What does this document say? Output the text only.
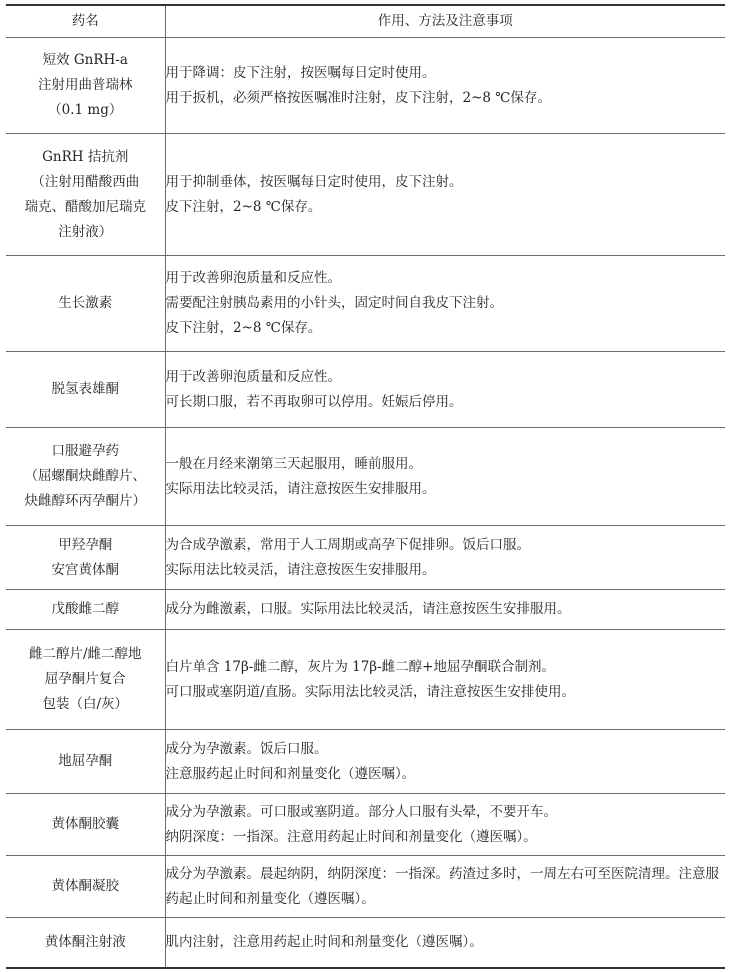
药名	作用、方法及注意事项

短效 GnRH-a
注射用曲普瑞林
（0.1 mg）	用于降调：皮下注射，按医嘱每日定时使用。
用于扳机，必须严格按医嘱准时注射，皮下注射，2~8 ℃保存。

GnRH 拮抗剂
（注射用醋酸西曲
瑞克、醋酸加尼瑞克
注射液）	用于抑制垂体，按医嘱每日定时使用，皮下注射。
皮下注射，2~8 ℃保存。

生长激素	用于改善卵泡质量和反应性。
需要配注射胰岛素用的小针头，固定时间自我皮下注射。
皮下注射，2~8 ℃保存。

脱氢表雄酮	用于改善卵泡质量和反应性。
可长期口服，若不再取卵可以停用。妊娠后停用。

口服避孕药
（屈螺酮炔雌醇片、
炔雌醇环丙孕酮片）	一般在月经来潮第三天起服用，睡前服用。
实际用法比较灵活，请注意按医生安排服用。

甲羟孕酮
安宫黄体酮	为合成孕激素，常用于人工周期或高孕下促排卵。饭后口服。
实际用法比较灵活，请注意按医生安排服用。

戊酸雌二醇	成分为雌激素，口服。实际用法比较灵活，请注意按医生安排服用。

雌二醇片/雌二醇地
屈孕酮片复合
包装（白/灰）	白片单含 17β-雌二醇，灰片为 17β-雌二醇+地屈孕酮联合制剂。
可口服或塞阴道/直肠。实际用法比较灵活，请注意按医生安排使用。

地屈孕酮	成分为孕激素。饭后口服。
注意服药起止时间和剂量变化（遵医嘱）。

黄体酮胶囊	成分为孕激素。可口服或塞阴道。部分人口服有头晕，不要开车。
纳阴深度：一指深。注意用药起止时间和剂量变化（遵医嘱）。

黄体酮凝胶	成分为孕激素。晨起纳阴，纳阴深度：一指深。药渣过多时，一周左右可至医院清理。注意服药起止时间和剂量变化（遵医嘱）。

黄体酮注射液	肌内注射，注意用药起止时间和剂量变化（遵医嘱）。
